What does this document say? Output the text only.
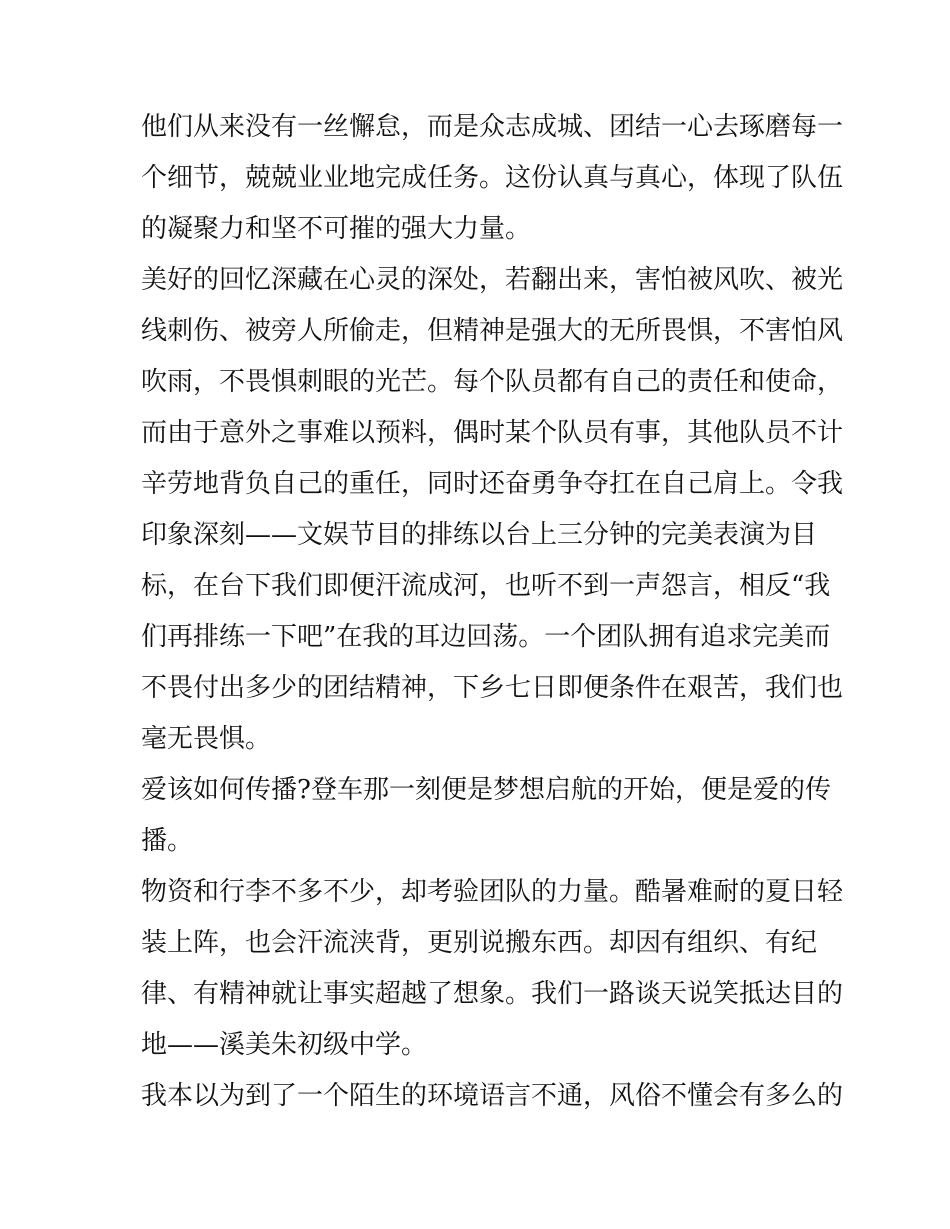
他们从来没有一丝懈怠，而是众志成城、团结一心去琢磨每一
个细节，兢兢业业地完成任务。这份认真与真心，体现了队伍
的凝聚力和坚不可摧的强大力量。
美好的回忆深藏在心灵的深处，若翻出来，害怕被风吹、被光
线刺伤、被旁人所偷走，但精神是强大的无所畏惧，不害怕风
吹雨，不畏惧刺眼的光芒。每个队员都有自己的责任和使命，
而由于意外之事难以预料，偶时某个队员有事，其他队员不计
辛劳地背负自己的重任，同时还奋勇争夺扛在自己肩上。令我
印象深刻——文娱节目的排练以台上三分钟的完美表演为目
标，在台下我们即便汗流成河，也听不到一声怨言，相反“我
们再排练一下吧”在我的耳边回荡。一个团队拥有追求完美而
不畏付出多少的团结精神，下乡七日即便条件在艰苦，我们也
毫无畏惧。
爱该如何传播?登车那一刻便是梦想启航的开始，便是爱的传
播。
物资和行李不多不少，却考验团队的力量。酷暑难耐的夏日轻
装上阵，也会汗流浃背，更别说搬东西。却因有组织、有纪
律、有精神就让事实超越了想象。我们一路谈天说笑抵达目的
地——溪美朱初级中学。
我本以为到了一个陌生的环境语言不通，风俗不懂会有多么的
